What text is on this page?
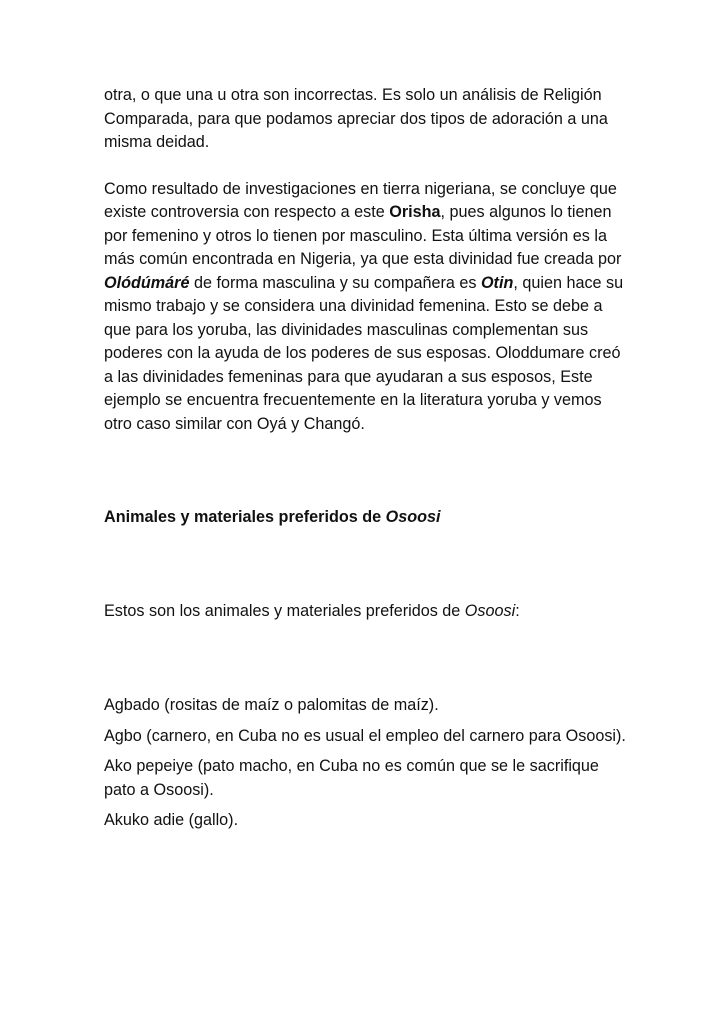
otra, o que una u otra son incorrectas. Es solo un análisis de Religión Comparada, para que podamos apreciar dos tipos de adoración a una misma deidad.

Como resultado de investigaciones en tierra nigeriana, se concluye que existe controversia con respecto a este Orisha, pues algunos lo tienen por femenino y otros lo tienen por masculino. Esta última versión es la más común encontrada en Nigeria, ya que esta divinidad fue creada por Olódúmáré de forma masculina y su compañera es Otin, quien hace su mismo trabajo y se considera una divinidad femenina. Esto se debe a que para los yoruba, las divinidades masculinas complementan sus poderes con la ayuda de los poderes de sus esposas. Oloddumare creó a las divinidades femeninas para que ayudaran a sus esposos, Este ejemplo se encuentra frecuentemente en la literatura yoruba y vemos otro caso similar con Oyá y Changó.

Animales y materiales preferidos de Osoosi

Estos son los animales y materiales preferidos de Osoosi:

Agbado (rositas de maíz o palomitas de maíz).

Agbo (carnero, en Cuba no es usual el empleo del carnero para Osoosi).

Ako pepeiye (pato macho, en Cuba no es común que se le sacrifique pato a Osoosi).

Akuko adie (gallo).
